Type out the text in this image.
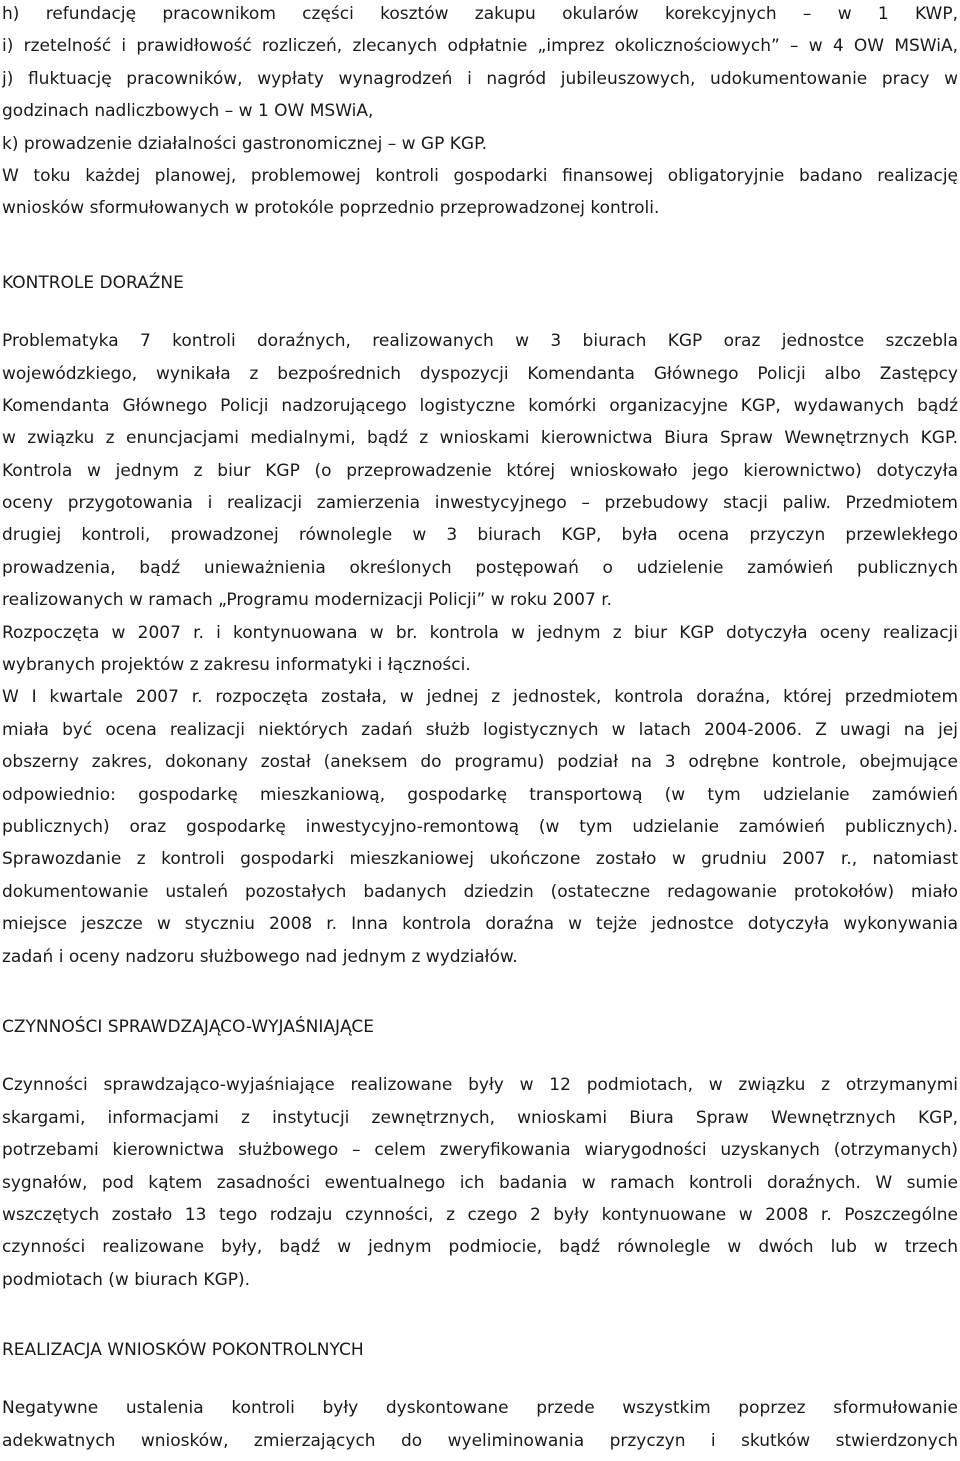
h) refundację pracownikom części kosztów zakupu okularów korekcyjnych – w 1 KWP,
i) rzetelność i prawidłowość rozliczeń, zlecanych odpłatnie „imprez okolicznościowych” – w 4 OW MSWiA,
j) fluktuację pracowników, wypłaty wynagrodzeń i nagród jubileuszowych, udokumentowanie pracy w
godzinach nadliczbowych – w 1 OW MSWiA,
k) prowadzenie działalności gastronomicznej – w GP KGP.
W toku każdej planowej, problemowej kontroli gospodarki finansowej obligatoryjnie badano realizację
wniosków sformułowanych w protokóle poprzednio przeprowadzonej kontroli.
KONTROLE DORAŹNE
Problematyka 7 kontroli doraźnych, realizowanych w 3 biurach KGP oraz jednostce szczebla
wojewódzkiego, wynikała z bezpośrednich dyspozycji Komendanta Głównego Policji albo Zastępcy
Komendanta Głównego Policji nadzorującego logistyczne komórki organizacyjne KGP, wydawanych bądź
w związku z enuncjacjami medialnymi, bądź z wnioskami kierownictwa Biura Spraw Wewnętrznych KGP.
Kontrola w jednym z biur KGP (o przeprowadzenie której wnioskowało jego kierownictwo) dotyczyła
oceny przygotowania i realizacji zamierzenia inwestycyjnego – przebudowy stacji paliw. Przedmiotem
drugiej kontroli, prowadzonej równolegle w 3 biurach KGP, była ocena przyczyn przewlekłego
prowadzenia, bądź unieważnienia określonych postępowań o udzielenie zamówień publicznych
realizowanych w ramach „Programu modernizacji Policji” w roku 2007 r.
Rozpoczęta w 2007 r. i kontynuowana w br. kontrola w jednym z biur KGP dotyczyła oceny realizacji
wybranych projektów z zakresu informatyki i łączności.
W I kwartale 2007 r. rozpoczęta została, w jednej z jednostek, kontrola doraźna, której przedmiotem
miała być ocena realizacji niektórych zadań służb logistycznych w latach 2004-2006. Z uwagi na jej
obszerny zakres, dokonany został (aneksem do programu) podział na 3 odrębne kontrole, obejmujące
odpowiednio: gospodarkę mieszkaniową, gospodarkę transportową (w tym udzielanie zamówień
publicznych) oraz gospodarkę inwestycyjno-remontową (w tym udzielanie zamówień publicznych).
Sprawozdanie z kontroli gospodarki mieszkaniowej ukończone zostało w grudniu 2007 r., natomiast
dokumentowanie ustaleń pozostałych badanych dziedzin (ostateczne redagowanie protokołów) miało
miejsce jeszcze w styczniu 2008 r. Inna kontrola doraźna w tejże jednostce dotyczyła wykonywania
zadań i oceny nadzoru służbowego nad jednym z wydziałów.
CZYNNOŚCI SPRAWDZAJĄCO-WYJAŚNIAJĄCE
Czynności sprawdzająco-wyjaśniające realizowane były w 12 podmiotach, w związku z otrzymanymi
skargami, informacjami z instytucji zewnętrznych, wnioskami Biura Spraw Wewnętrznych KGP,
potrzebami kierownictwa służbowego – celem zweryfikowania wiarygodności uzyskanych (otrzymanych)
sygnałów, pod kątem zasadności ewentualnego ich badania w ramach kontroli doraźnych. W sumie
wszczętych zostało 13 tego rodzaju czynności, z czego 2 były kontynuowane w 2008 r. Poszczególne
czynności realizowane były, bądź w jednym podmiocie, bądź równolegle w dwóch lub w trzech
podmiotach (w biurach KGP).
REALIZACJA WNIOSKÓW POKONTROLNYCH
Negatywne ustalenia kontroli były dyskontowane przede wszystkim poprzez sformułowanie
adekwatnych wniosków, zmierzających do wyeliminowania przyczyn i skutków stwierdzonych
